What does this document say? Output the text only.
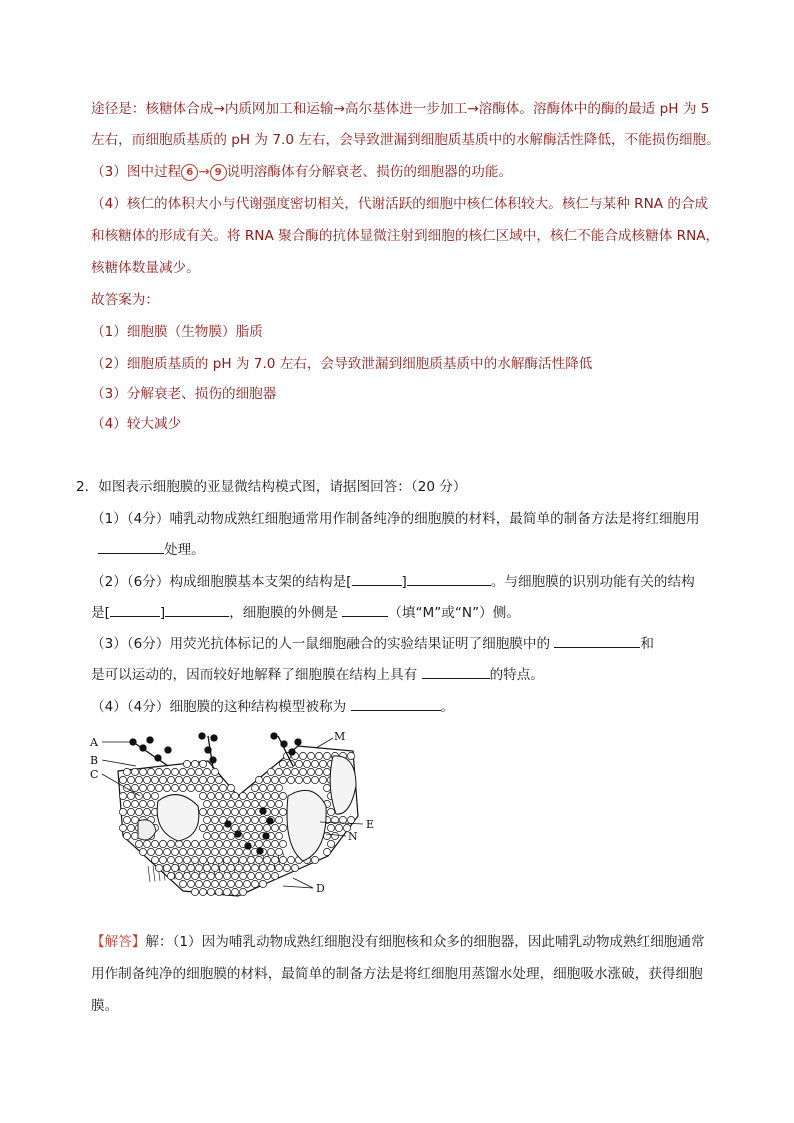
途径是：核糖体合成→内质网加工和运输→高尔基体进一步加工→溶酶体。溶酶体中的酶的最适 pH 为 5
左右，而细胞质基质的 pH 为 7.0 左右，会导致泄漏到细胞质基质中的水解酶活性降低，不能损伤细胞。
（3）图中过程 6 → 9 说明溶酶体有分解衰老、损伤的细胞器的功能。
（4）核仁的体积大小与代谢强度密切相关，代谢活跃的细胞中核仁体积较大。核仁与某种 RNA 的合成
和核糖体的形成有关。将 RNA 聚合酶的抗体显微注射到细胞的核仁区域中，核仁不能合成核糖体 RNA，
核糖体数量减少。
故答案为：
（1）细胞膜（生物膜）脂质
（2）细胞质基质的 pH 为 7.0 左右，会导致泄漏到细胞质基质中的水解酶活性降低
（3）分解衰老、损伤的细胞器
（4）较大减少
2．如图表示细胞膜的亚显微结构模式图，请据图回答：（20 分）
（1）（4分）哺乳动物成熟红细胞通常用作制备纯净的细胞膜的材料，最简单的制备方法是将红细胞用
处理。
（2）（6分）构成细胞膜基本支架的结构是[	]	。与细胞膜的识别功能有关的结构
是[	]	，细胞膜的外侧是	（填“M”或“N”）侧。
（3）（6分）用荧光抗体标记的人一鼠细胞融合的实验结果证明了细胞膜中的	和
是可以运动的，因而较好地解释了细胞膜在结构上具有	的特点。
（4）（4分）细胞膜的这种结构模型被称为	。
A
B
C
M
E
N
D
【解答】解：（1）因为哺乳动物成熟红细胞没有细胞核和众多的细胞器，因此哺乳动物成熟红细胞通常
用作制备纯净的细胞膜的材料，最简单的制备方法是将红细胞用蒸馏水处理，细胞吸水涨破，获得细胞
膜。
